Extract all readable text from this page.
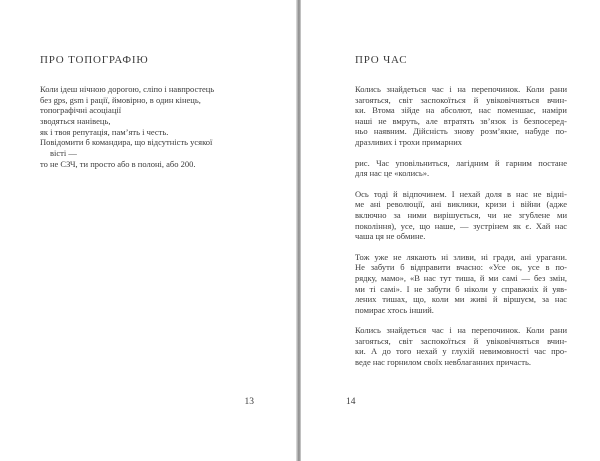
ПРО ТОПОГРАФІЮ
Коли ідеш нічною дорогою, сліпо і навпростець
без gps, gsm і рації, ймовірно, в один кінець,
топографічні асоціації
зводяться нанівець,
як і твоя репутація, пам’ять і честь.
Повідомити б командира, що відсутність усякої
вісті —
то не СЗЧ, ти просто або в полоні, або 200.
ПРО ЧАС
Колись знайдеться час і на перепочинок. Коли рани
загояться, світ заспокоїться й увіковічняться вчин-
ки. Втома зійде на абсолют, нас поменшає, наміри
наші не вмруть, але втратять зв’язок із безпосеред-
ньо наявним. Дійсність знову розм’якне, набуде по-
дразливих і трохи примарних
рис. Час уповільниться, лагідним й гарним постане
для нас це «колись».
Ось тоді й відпочинем. І нехай доля в нас не відні-
ме ані революції, ані виклики, кризи і війни (адже
включно за ними вирішується, чи не згублене ми
покоління), усе, що наше, — зустрінем як є. Хай нас
чаша ця не обмине.
Тож уже не лякають ні зливи, ні гради, ані урагани.
Не забути б відправити вчасно: «Усе ок, усе в по-
рядку, мамо», «В нас тут тиша, й ми самі — без змін,
ми ті самі». І не забути б ніколи у справжніх й уяв-
лених тишах, що, коли ми живі й віршуєм, за нас
помирає хтось інший.
Колись знайдеться час і на перепочинок. Коли рани
загояться, світ заспокоїться й увіковічняться вчин-
ки. А до того нехай у глухій невимовності час про-
веде нас горнилом своїх невблаганних причасть.
13	14
